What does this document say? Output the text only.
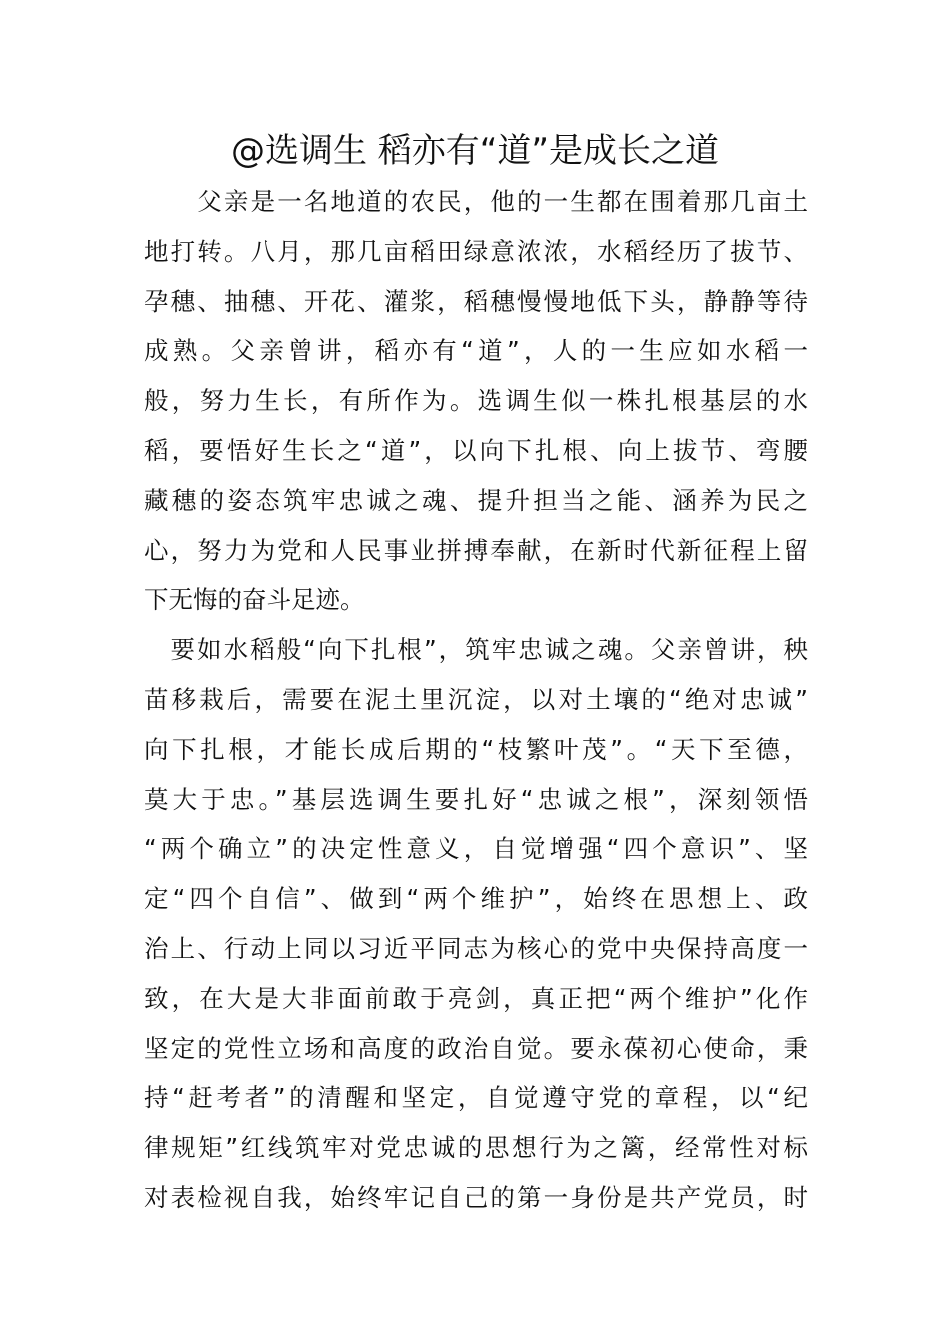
@选调生 稻亦有“道”是成长之道
　　父亲是一名地道的农民，他的一生都在围着那几亩土
地打转。八月，那几亩稻田绿意浓浓，水稻经历了拔节、
孕穗、抽穗、开花、灌浆，稻穗慢慢地低下头，静静等待
成熟。父亲曾讲，稻亦有“道”，人的一生应如水稻一
般，努力生长，有所作为。选调生似一株扎根基层的水
稻，要悟好生长之“道”，以向下扎根、向上拔节、弯腰
藏穗的姿态筑牢忠诚之魂、提升担当之能、涵养为民之
心，努力为党和人民事业拼搏奉献，在新时代新征程上留
下无悔的奋斗足迹。
　要如水稻般“向下扎根”，筑牢忠诚之魂。父亲曾讲，秧
苗移栽后，需要在泥土里沉淀，以对土壤的“绝对忠诚”
向下扎根，才能长成后期的“枝繁叶茂”。“天下至德，
莫大于忠。”基层选调生要扎好“忠诚之根”，深刻领悟
“两个确立”的决定性意义，自觉增强“四个意识”、坚
定“四个自信”、做到“两个维护”，始终在思想上、政
治上、行动上同以习近平同志为核心的党中央保持高度一
致，在大是大非面前敢于亮剑，真正把“两个维护”化作
坚定的党性立场和高度的政治自觉。要永葆初心使命，秉
持“赶考者”的清醒和坚定，自觉遵守党的章程，以“纪
律规矩”红线筑牢对党忠诚的思想行为之篱，经常性对标
对表检视自我，始终牢记自己的第一身份是共产党员，时
